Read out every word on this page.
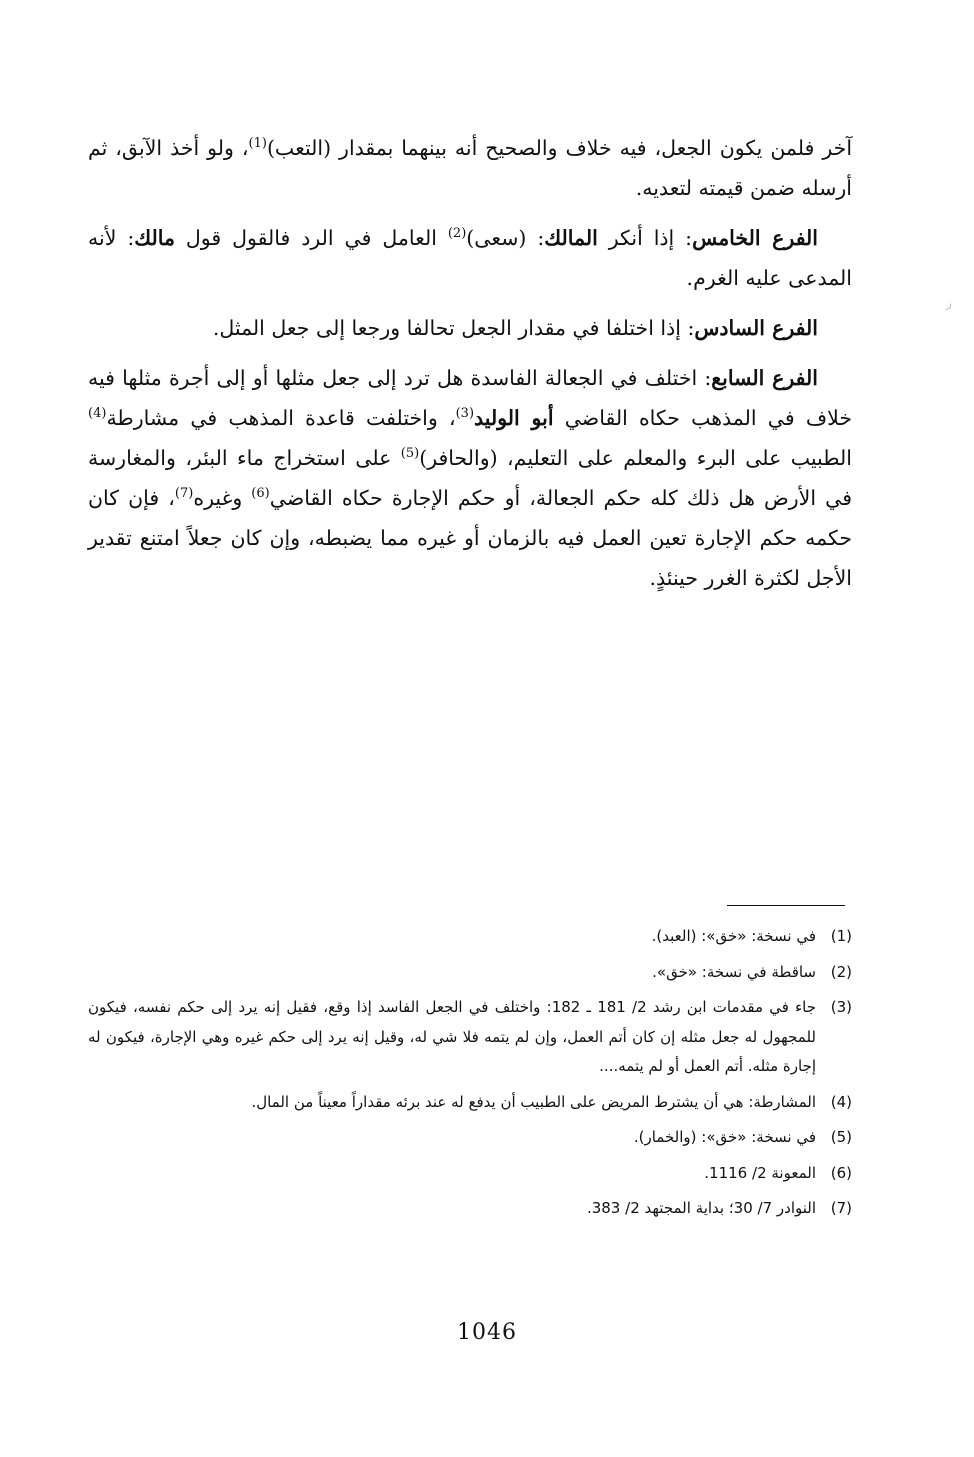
ز

آخر فلمن يكون الجعل، فيه خلاف والصحيح أنه بينهما بمقدار (التعب)$^{(1)}$، ولو أخذ الآبق، ثم أرسله ضمن قيمته لتعديه.

الفرع الخامس: إذا أنكر المالك: (سعى)$^{(2)}$ العامل في الرد فالقول قول مالك: لأنه المدعى عليه الغرم.

الفرع السادس: إذا اختلفا في مقدار الجعل تحالفا ورجعا إلى جعل المثل.

الفرع السابع: اختلف في الجعالة الفاسدة هل ترد إلى جعل مثلها أو إلى أجرة مثلها فيه خلاف في المذهب حكاه القاضي أبو الوليد$^{(3)}$، واختلفت قاعدة المذهب في مشارطة$^{(4)}$ الطبيب على البرء والمعلم على التعليم، (والحافر)$^{(5)}$ على استخراج ماء البئر، والمغارسة في الأرض هل ذلك كله حكم الجعالة، أو حكم الإجارة حكاه القاضي$^{(6)}$ وغيره$^{(7)}$، فإن كان حكمه حكم الإجارة تعين العمل فيه بالزمان أو غيره مما يضبطه، وإن كان جعلاً امتنع تقدير الأجل لكثرة الغرر حينئذٍ.

(1)
في نسخة: «خق»: (العبد).
(2)
ساقطة في نسخة: «خق».
(3)
جاء في مقدمات ابن رشد 2/ 181 ـ 182: واختلف في الجعل الفاسد إذا وقع، فقيل إنه يرد إلى حكم نفسه، فيكون للمجهول له جعل مثله إن كان أتم العمل، وإن لم يتمه فلا شي له، وقيل إنه يرد إلى حكم غيره وهي الإجارة، فيكون له إجارة مثله. أتم العمل أو لم يتمه....
(4)
المشارطة: هي أن يشترط المريض على الطبيب أن يدفع له عند برئه مقداراً معيناً من المال.
(5)
في نسخة: «خق»: (والخمار).
(6)
المعونة 2/ 1116.
(7)
النوادر 7/ 30؛ بداية المجتهد 2/ 383.
1046
